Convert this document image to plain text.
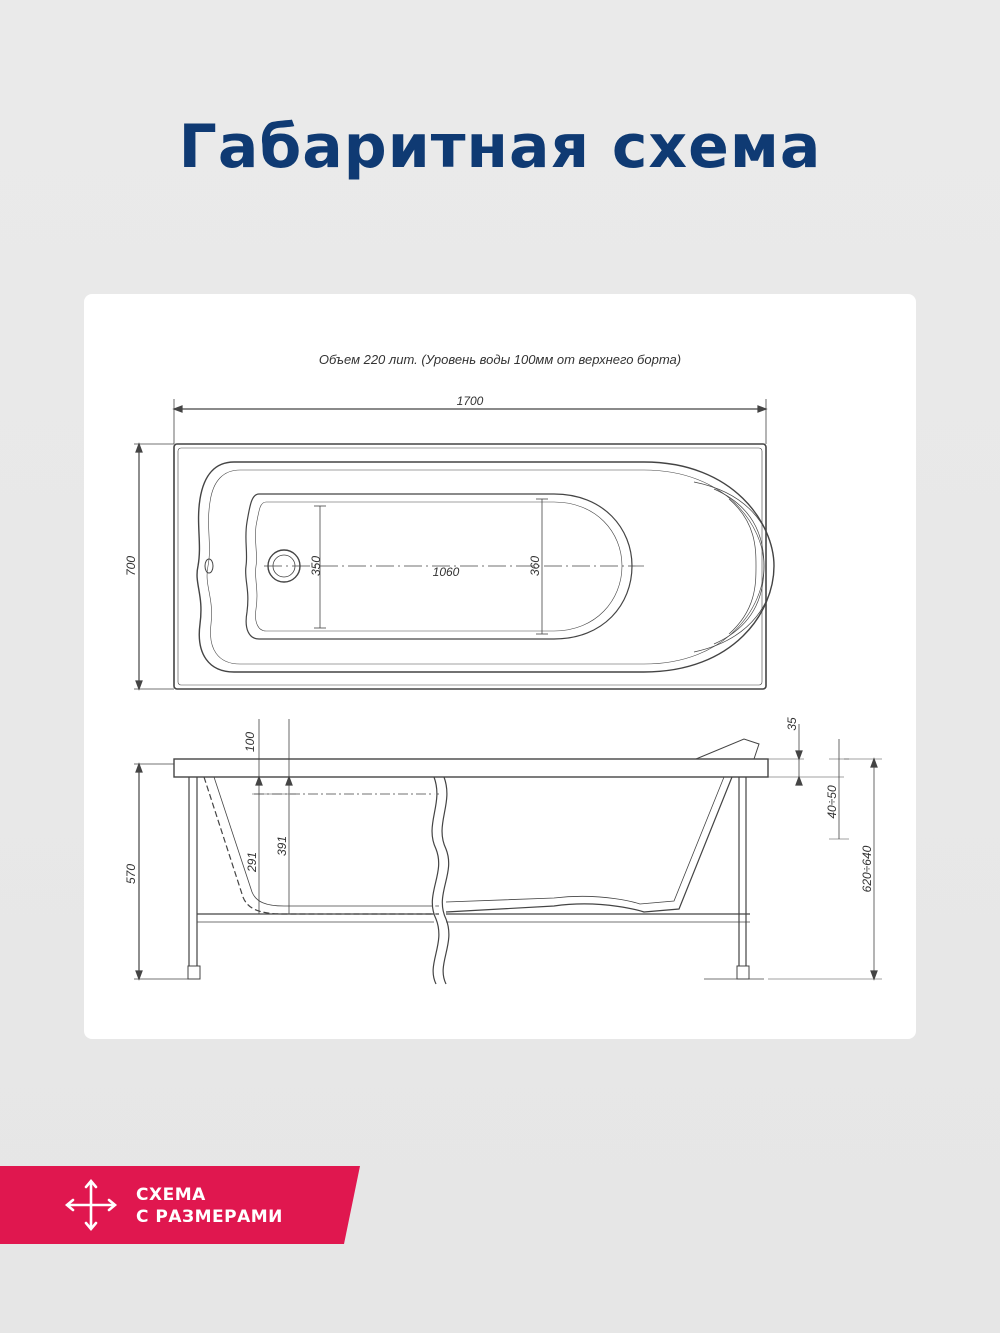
Габаритная схема
Объем 220 лит. (Уровень воды 100мм от верхнего борта)
1700
700	1060
350	360
570
100
391
291
35
40÷50
620÷640
СХЕМА
С РАЗМЕРАМИ
